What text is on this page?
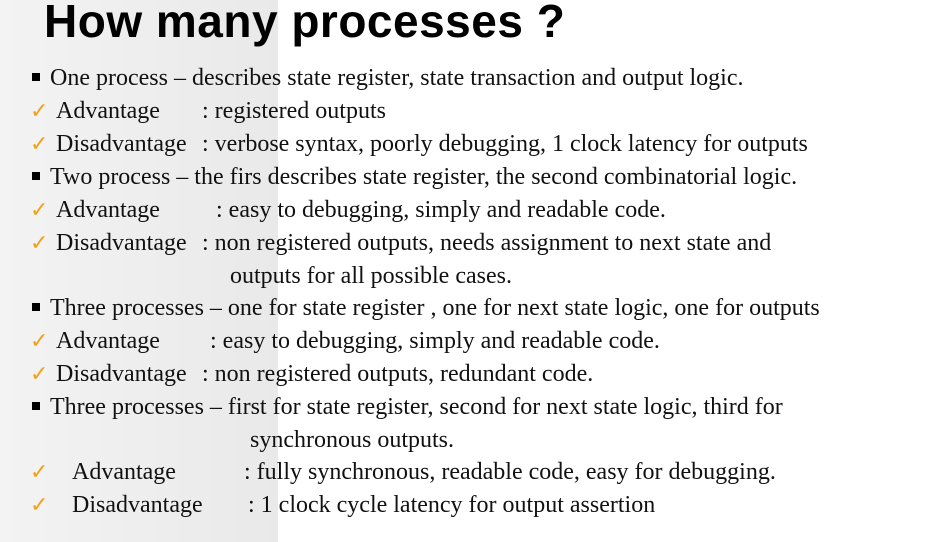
How many processes ?
One process – describes state register, state transaction and output logic.
✓ Advantage : registered outputs
✓ Disadvantage : verbose syntax, poorly debugging, 1 clock latency for outputs
Two process – the firs describes state register, the second combinatorial logic.
✓ Advantage : easy to debugging, simply and readable code.
✓ Disadvantage : non registered outputs, needs assignment to next state and
outputs for all possible cases.
Three processes – one for state register , one for next state logic, one for outputs
✓ Advantage : easy to debugging, simply and readable code.
✓ Disadvantage : non registered outputs, redundant code.
Three processes – first for state register, second for next state logic, third for
synchronous outputs.
✓ Advantage	: fully synchronous, readable code, easy for debugging.
✓ Disadvantage : 1 clock cycle latency for output assertion
